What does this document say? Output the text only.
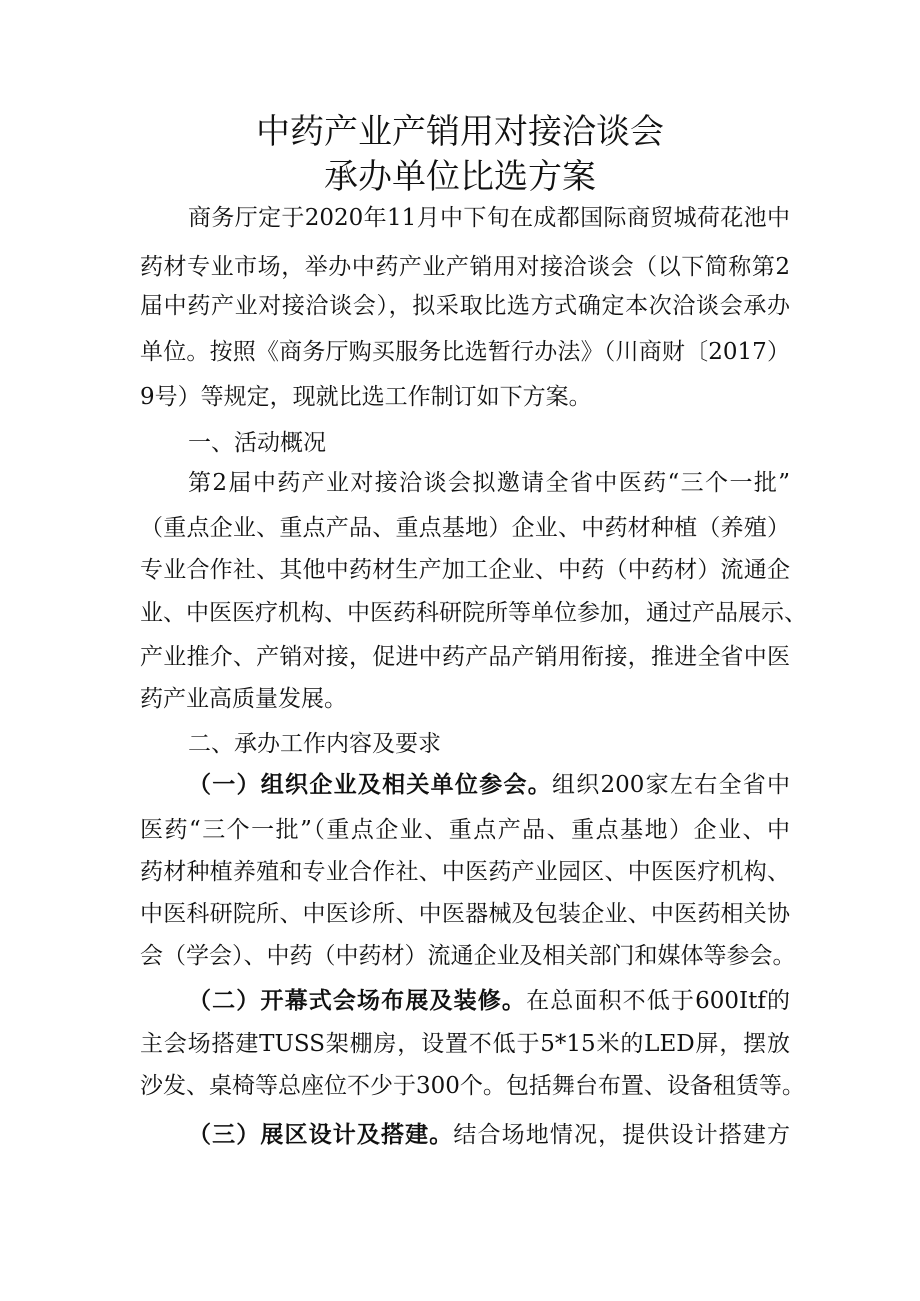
中药产业产销用对接洽谈会
承办单位比选方案

商务厅定于2020年11月中下旬在成都国际商贸城荷花池中

药材专业市场，举办中药产业产销用对接洽谈会（以下简称第2

届中药产业对接洽谈会），拟采取比选方式确定本次洽谈会承办

单位。按照《商务厅购买服务比选暂行办法》（川商财〔2017）

9号）等规定，现就比选工作制订如下方案。

一、活动概况

第2届中药产业对接洽谈会拟邀请全省中医药“三个一批”

（重点企业、重点产品、重点基地）企业、中药材种植（养殖）

专业合作社、其他中药材生产加工企业、中药（中药材）流通企

业、中医医疗机构、中医药科研院所等单位参加，通过产品展示、

产业推介、产销对接，促进中药产品产销用衔接，推进全省中医

药产业高质量发展。

二、承办工作内容及要求

（一）组织企业及相关单位参会。组织200家左右全省中

医药“三个一批”（重点企业、重点产品、重点基地）企业、中

药材种植养殖和专业合作社、中医药产业园区、中医医疗机构、

中医科研院所、中医诊所、中医器械及包装企业、中医药相关协

会（学会）、中药（中药材）流通企业及相关部门和媒体等参会。

（二）开幕式会场布展及装修。在总面积不低于600Itf的

主会场搭建TUSS架棚房，设置不低于5*15米的LED屏，摆放

沙发、桌椅等总座位不少于300个。包括舞台布置、设备租赁等。

（三）展区设计及搭建。结合场地情况，提供设计搭建方
